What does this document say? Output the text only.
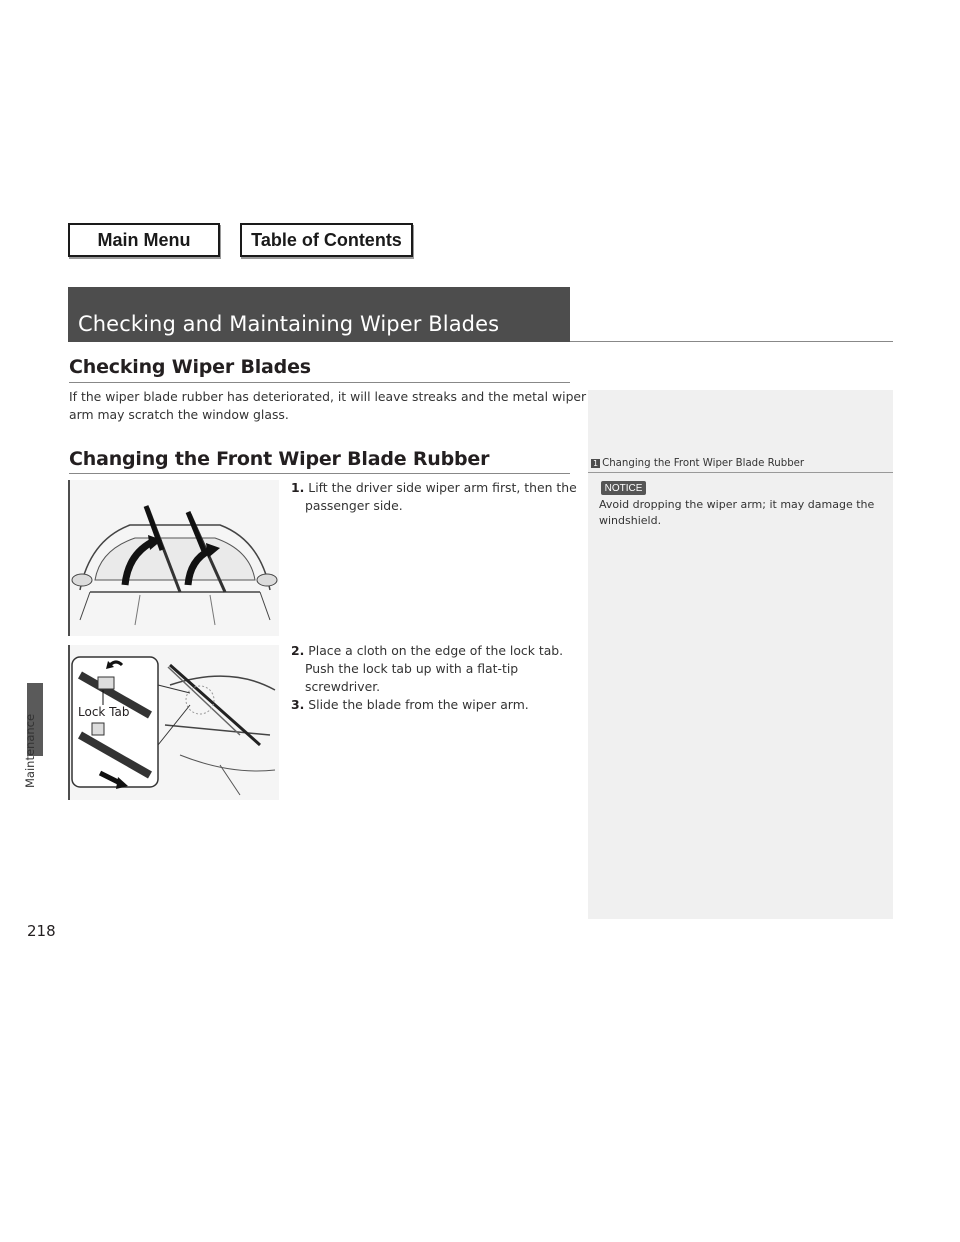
Main Menu	Table of Contents
Checking and Maintaining Wiper Blades
Checking Wiper Blades
If the wiper blade rubber has deteriorated, it will leave streaks and the metal wiper
arm may scratch the window glass.
Changing the Front Wiper Blade Rubber	1 Changing the Front Wiper Blade Rubber
NOTICE
Avoid dropping the wiper arm; it may damage the windshield.
1. Lift the driver side wiper arm first, then the
passenger side.
2. Place a cloth on the edge of the lock tab.
Push the lock tab up with a flat-tip
screwdriver.
3. Slide the blade from the wiper arm.
Lock Tab
Maintenance
218
